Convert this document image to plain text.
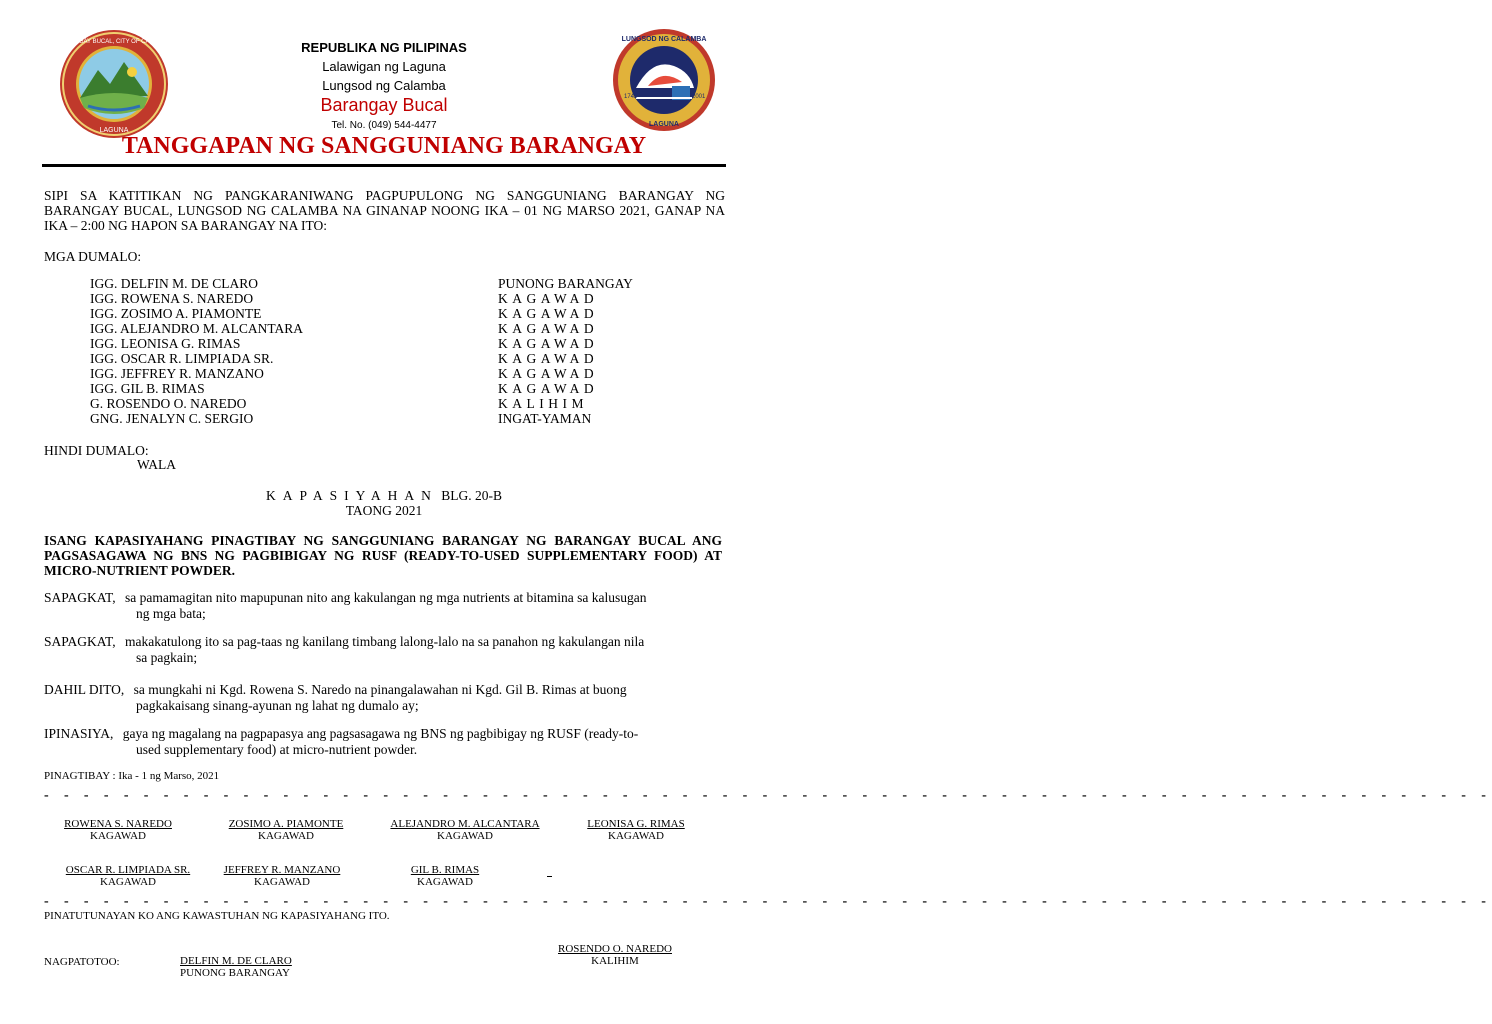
BARANGAY BUCAL, CITY OF CALAMBA
LAGUNA
LUNGSOD NG CALAMBA
LAGUNA
1742	2001
REPUBLIKA NG PILIPINAS
Lalawigan ng Laguna
Lungsod ng Calamba
Barangay Bucal
Tel. No. (049) 544-4477
TANGGAPAN NG SANGGUNIANG BARANGAY
SIPI SA KATITIKAN NG PANGKARANIWANG PAGPUPULONG NG SANGGUNIANG BARANGAY NG BARANGAY BUCAL, LUNGSOD NG CALAMBA NA GINANAP NOONG IKA – 01 NG MARSO 2021, GANAP NA IKA – 2:00 NG HAPON SA BARANGAY NA ITO:
MGA DUMALO:
IGG. DELFIN M. DE CLARO	PUNONG BARANGAY
IGG. ROWENA S. NAREDO	KAGAWAD
IGG. ZOSIMO A. PIAMONTE	KAGAWAD
IGG. ALEJANDRO M. ALCANTARA	KAGAWAD
IGG. LEONISA G. RIMAS	KAGAWAD
IGG. OSCAR R. LIMPIADA SR.	KAGAWAD
IGG. JEFFREY R. MANZANO	KAGAWAD
IGG. GIL B. RIMAS	KAGAWAD
G. ROSENDO O. NAREDO	KALIHIM
GNG. JENALYN C. SERGIO	INGAT-YAMAN
HINDI DUMALO:
WALA
KAPASIYAHAN BLG. 20-B
TAONG 2021
ISANG KAPASIYAHANG PINAGTIBAY NG SANGGUNIANG BARANGAY NG BARANGAY BUCAL ANG PAGSASAGAWA NG BNS NG PAGBIBIGAY NG RUSF (READY-TO-USED SUPPLEMENTARY FOOD) AT MICRO-NUTRIENT POWDER.
SAPAGKAT, sa pamamagitan nito mapupunan nito ang kakulangan ng mga nutrients at bitamina sa kalusugan
ng mga bata;
SAPAGKAT, makakatulong ito sa pag-taas ng kanilang timbang lalong-lalo na sa panahon ng kakulangan nila
sa pagkain;
DAHIL DITO, sa mungkahi ni Kgd. Rowena S. Naredo na pinangalawahan ni Kgd. Gil B. Rimas at buong
pagkakaisang sinang-ayunan ng lahat ng dumalo ay;
IPINASIYA, gaya ng magalang na pagpapasya ang pagsasagawa ng BNS ng pagbibigay ng RUSF (ready-to-
used supplementary food) at micro-nutrient powder.
PINAGTIBAY : Ika - 1 ng Marso, 2021
- - - - - - - - - - - - - - - - - - - - - - - - - - - - - - - - - - - - - - - - - - - - - - - - - - - - - - - - - - - - - - - - - - - - - - - - -
ROWENA S. NAREDO
KAGAWAD
ZOSIMO A. PIAMONTE
KAGAWAD
ALEJANDRO M. ALCANTARA
KAGAWAD
LEONISA G. RIMAS
KAGAWAD
OSCAR R. LIMPIADA SR.
KAGAWAD
JEFFREY R. MANZANO
KAGAWAD
GIL B. RIMAS
KAGAWAD
- - - - - - - - - - - - - - - - - - - - - - - - - - - - - - - - - - - - - - - - - - - - - - - - - - - - - - - - - - - - - - - - - - - - - - - - -
PINATUTUNAYAN KO ANG KAWASTUHAN NG KAPASIYAHANG ITO.
ROSENDO O. NAREDO
KALIHIM
NAGPATOTOO:	DELFIN M. DE CLARO
PUNONG BARANGAY
